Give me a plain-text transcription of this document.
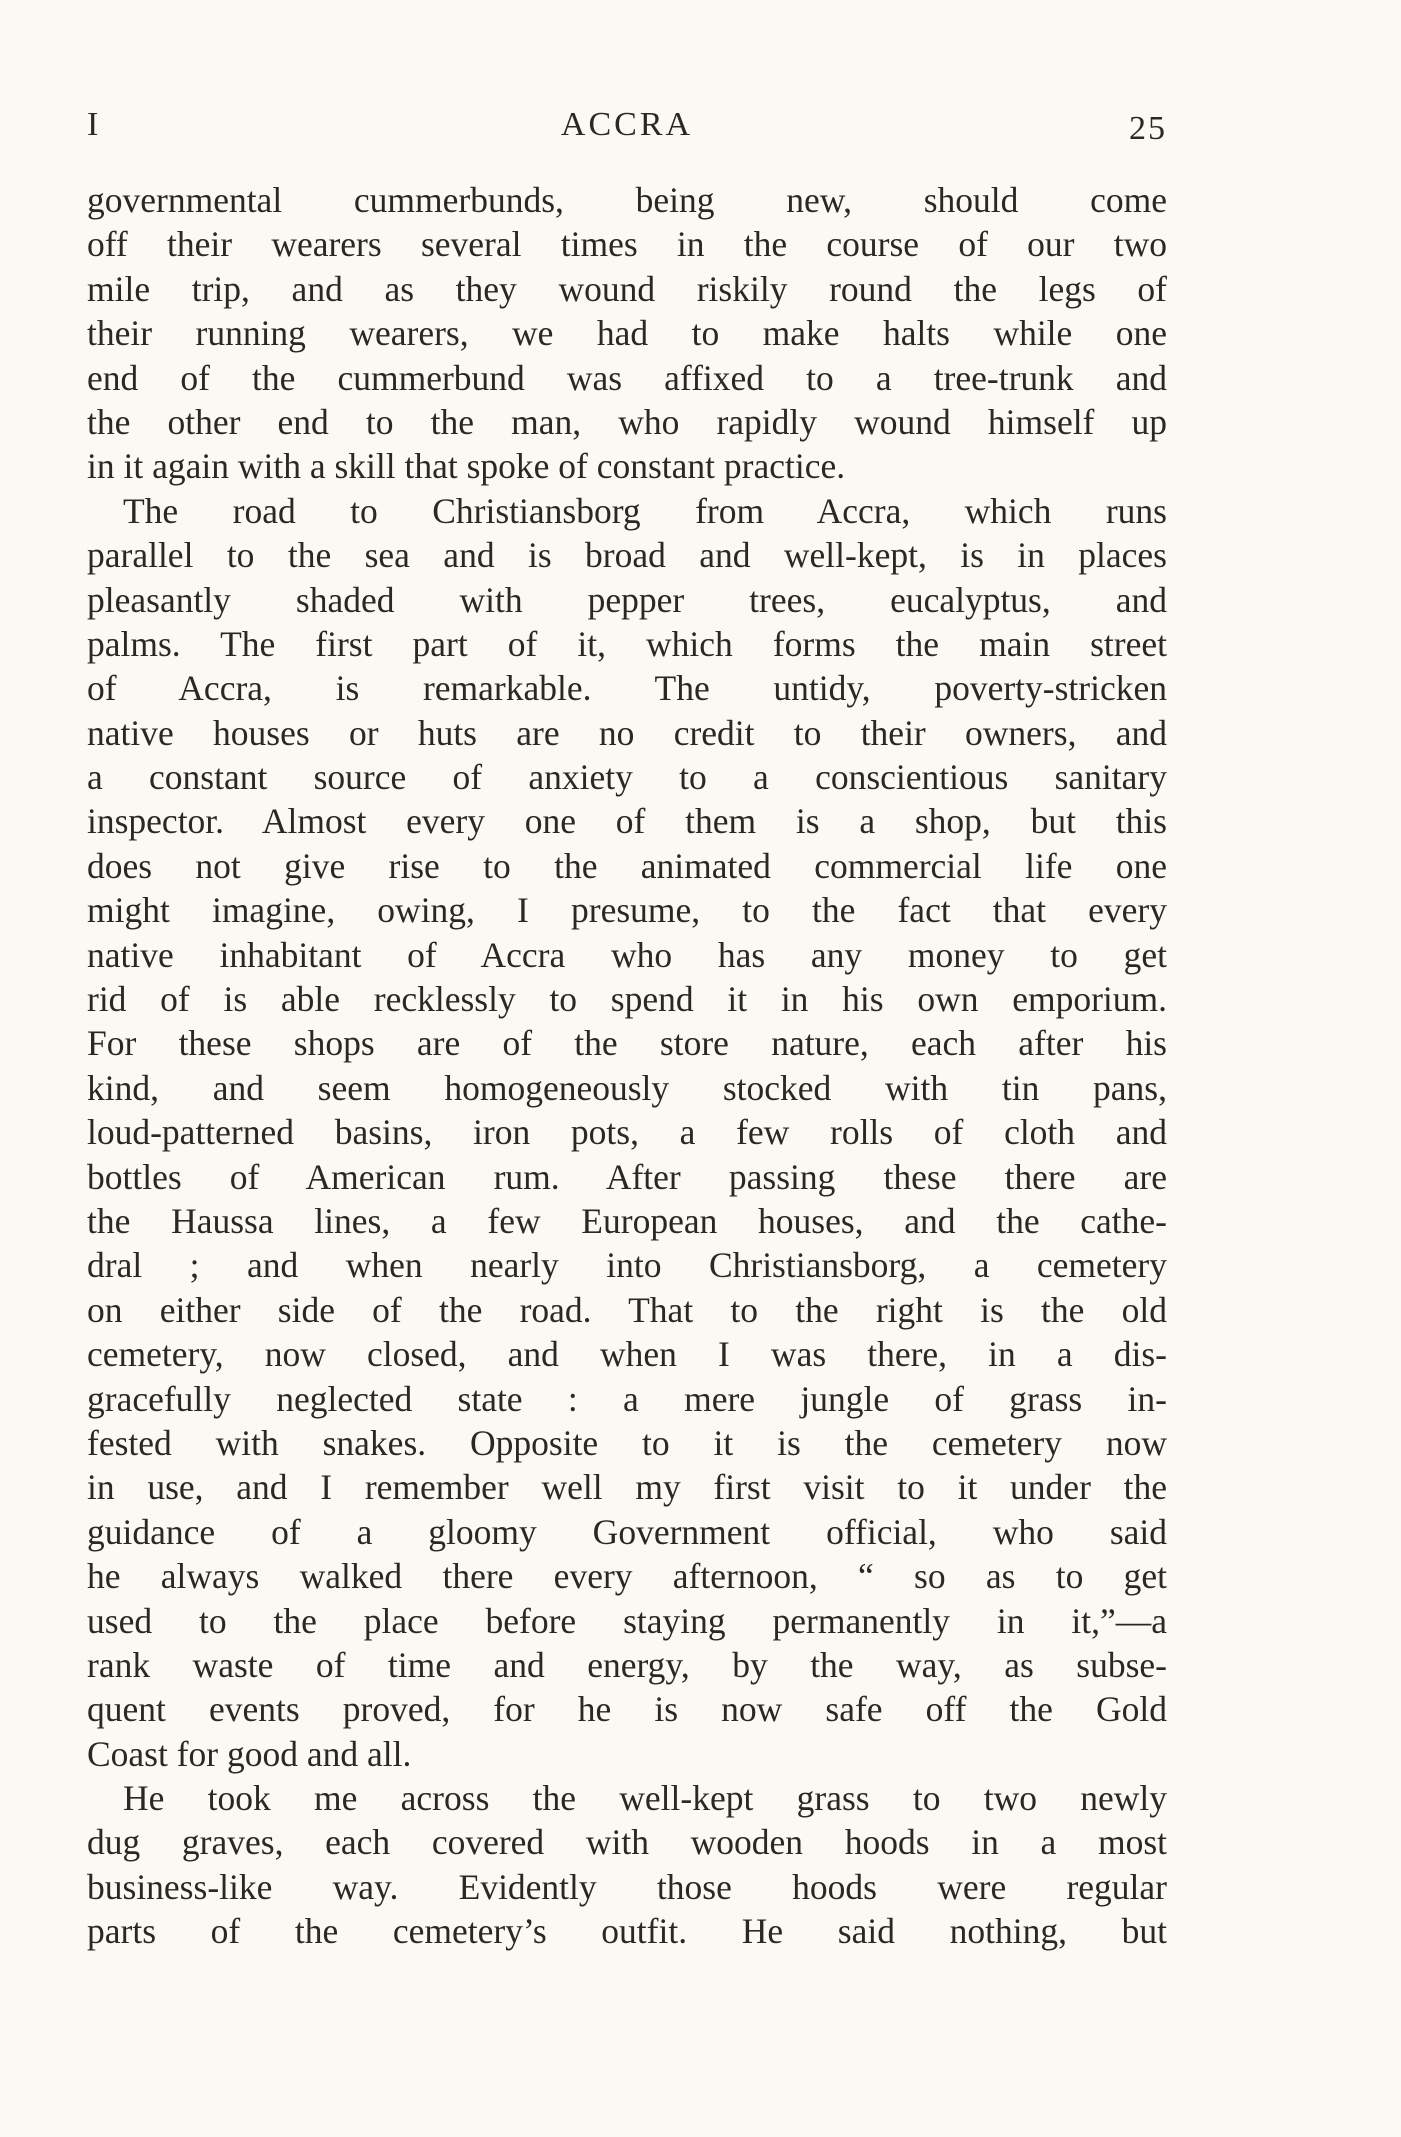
I	ACCRA	25
governmental cummerbunds, being new, should come
off their wearers several times in the course of our two
mile trip, and as they wound riskily round the legs of
their running wearers, we had to make halts while one
end of the cummerbund was affixed to a tree-trunk and
the other end to the man, who rapidly wound himself up
in it again with a skill that spoke of constant practice.
The road to Christiansborg from Accra, which runs
parallel to the sea and is broad and well-kept, is in places
pleasantly shaded with pepper trees, eucalyptus, and
palms. The first part of it, which forms the main street
of Accra, is remarkable. The untidy, poverty-stricken
native houses or huts are no credit to their owners, and
a constant source of anxiety to a conscientious sanitary
inspector. Almost every one of them is a shop, but this
does not give rise to the animated commercial life one
might imagine, owing, I presume, to the fact that every
native inhabitant of Accra who has any money to get
rid of is able recklessly to spend it in his own emporium.
For these shops are of the store nature, each after his
kind, and seem homogeneously stocked with tin pans,
loud-patterned basins, iron pots, a few rolls of cloth and
bottles of American rum. After passing these there are
the Haussa lines, a few European houses, and the cathe-
dral ; and when nearly into Christiansborg, a cemetery
on either side of the road. That to the right is the old
cemetery, now closed, and when I was there, in a dis-
gracefully neglected state : a mere jungle of grass in-
fested with snakes. Opposite to it is the cemetery now
in use, and I remember well my first visit to it under the
guidance of a gloomy Government official, who said
he always walked there every afternoon, “ so as to get
used to the place before staying permanently in it,”—a
rank waste of time and energy, by the way, as subse-
quent events proved, for he is now safe off the Gold
Coast for good and all.
He took me across the well-kept grass to two newly
dug graves, each covered with wooden hoods in a most
business-like way. Evidently those hoods were regular
parts of the cemetery’s outfit. He said nothing, but
